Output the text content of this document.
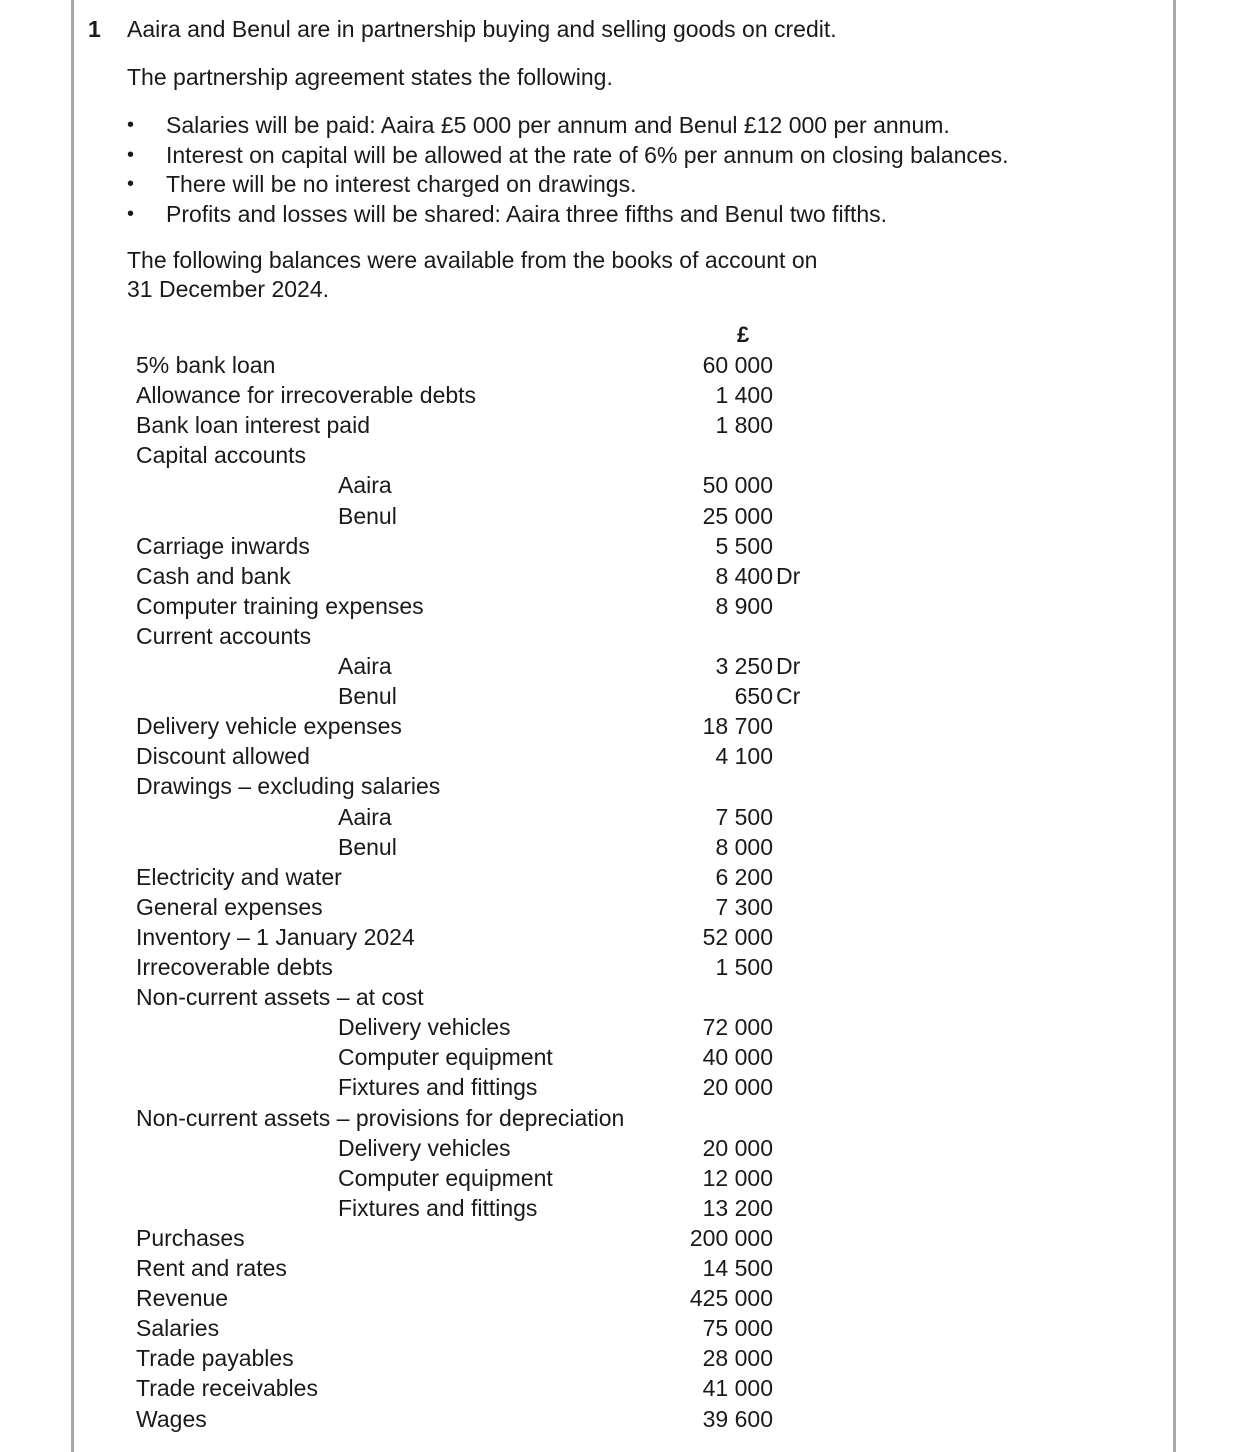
1 Aaira and Benul are in partnership buying and selling goods on credit.
The partnership agreement states the following.
• Salaries will be paid: Aaira £5 000 per annum and Benul £12 000 per annum.
• Interest on capital will be allowed at the rate of 6% per annum on closing balances.
• There will be no interest charged on drawings.
• Profits and losses will be shared: Aaira three fifths and Benul two fifths.
The following balances were available from the books of account on
31 December 2024.
£
5% bank loan	60 000
Allowance for irrecoverable debts	1 400
Bank loan interest paid	1 800
Capital accounts
Aaira	50 000
Benul	25 000
Carriage inwards	5 500
Cash and bank	8 400 Dr
Computer training expenses	8 900
Current accounts
Aaira	3 250 Dr
Benul	650 Cr
Delivery vehicle expenses	18 700
Discount allowed	4 100
Drawings – excluding salaries
Aaira	7 500
Benul	8 000
Electricity and water	6 200
General expenses	7 300
Inventory – 1 January 2024	52 000
Irrecoverable debts	1 500
Non-current assets – at cost
Delivery vehicles	72 000
Computer equipment	40 000
Fixtures and fittings	20 000
Non-current assets – provisions for depreciation
Delivery vehicles	20 000
Computer equipment	12 000
Fixtures and fittings	13 200
Purchases	200 000
Rent and rates	14 500
Revenue	425 000
Salaries	75 000
Trade payables	28 000
Trade receivables	41 000
Wages	39 600
